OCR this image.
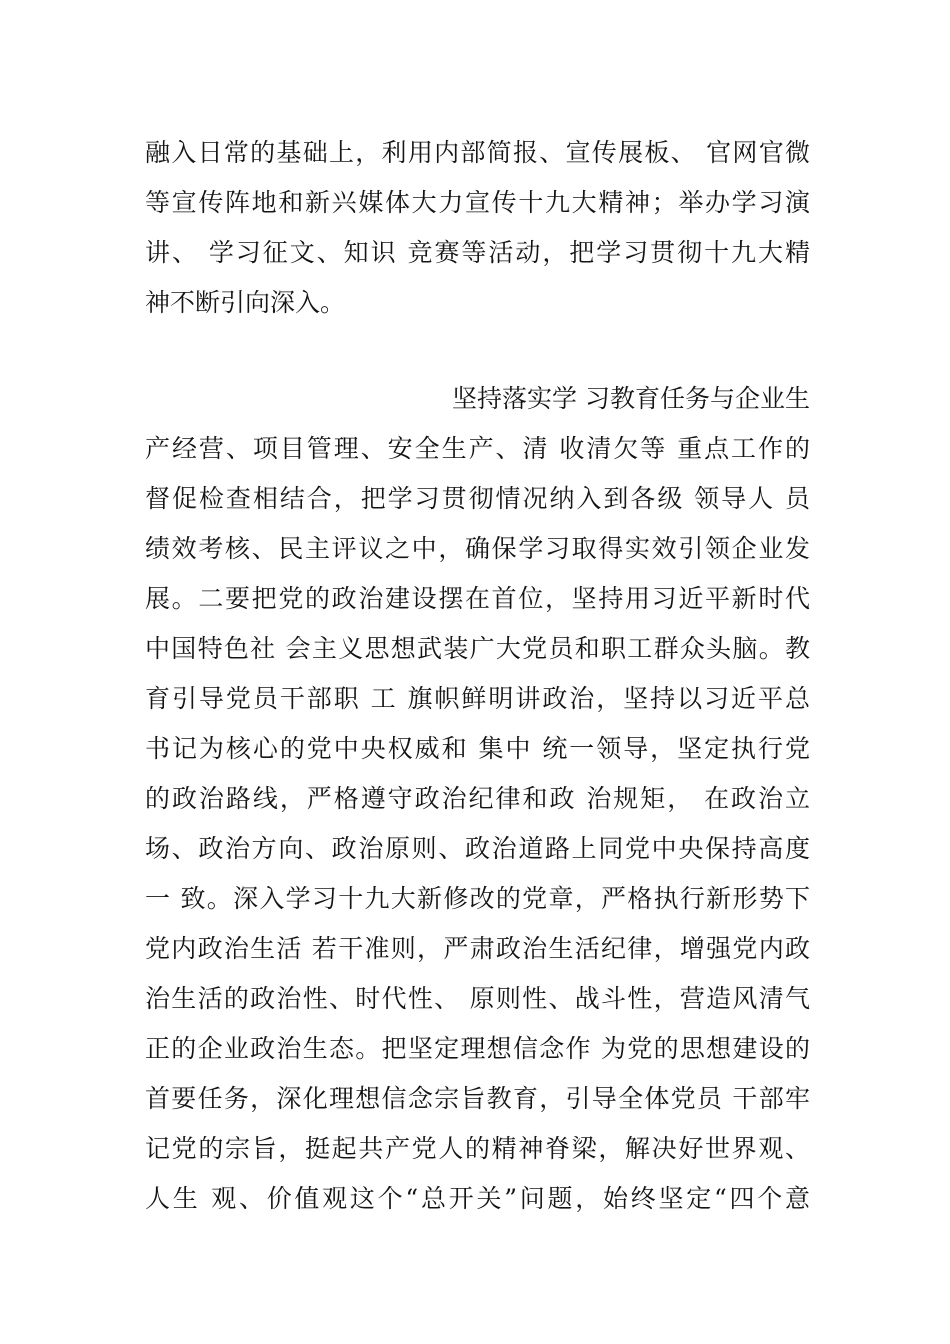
融入日常的基础上，利用内部简报、宣传展板、 官网官微

等宣传阵地和新兴媒体大力宣传十九大精神；举办学习演

讲、 学习征文、知识 竞赛等活动，把学习贯彻十九大精

神不断引向深入。

坚持落实学 习教育任务与企业生

产经营、项目管理、安全生产、清 收清欠等 重点工作的

督促检查相结合，把学习贯彻情况纳入到各级 领导人 员

绩效考核、民主评议之中，确保学习取得实效引领企业发

展。二要把党的政治建设摆在首位，坚持用习近平新时代

中国特色社 会主义思想武装广大党员和职工群众头脑。教

育引导党员干部职 工 旗帜鲜明讲政治，坚持以习近平总

书记为核心的党中央权威和 集中 统一领导，坚定执行党

的政治路线，严格遵守政治纪律和政 治规矩， 在政治立

场、政治方向、政治原则、政治道路上同党中央保持高度

一 致。深入学习十九大新修改的党章，严格执行新形势下

党内政治生活 若干准则，严肃政治生活纪律，增强党内政

治生活的政治性、时代性、 原则性、战斗性，营造风清气

正的企业政治生态。把坚定理想信念作 为党的思想建设的

首要任务，深化理想信念宗旨教育，引导全体党员 干部牢

记党的宗旨，挺起共产党人的精神脊梁，解决好世界观、

人生 观、价值观这个“总开关”问题，始终坚定“四个意
